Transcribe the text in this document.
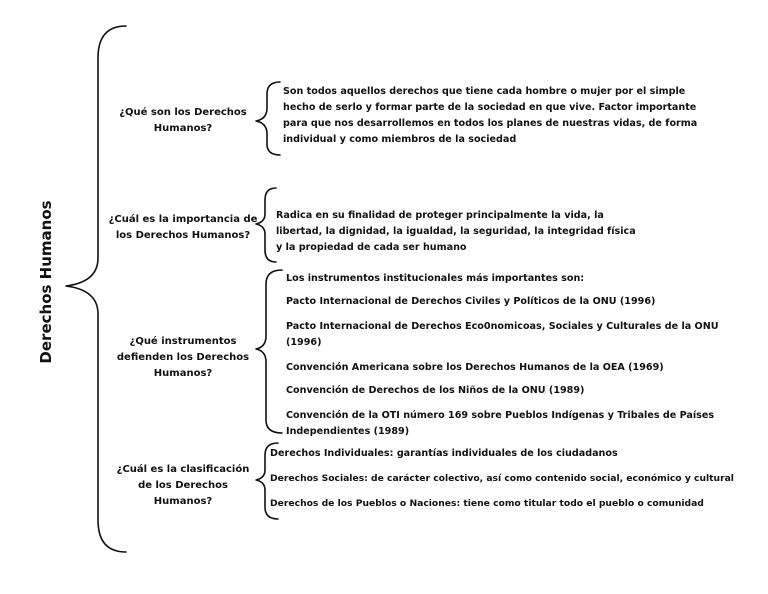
Derechos Humanos
¿Qué son los Derechos Humanos?
Son todos aquellos derechos que tiene cada hombre o mujer por el simple
hecho de serlo y formar parte de la sociedad en que vive. Factor importante
para que nos desarrollemos en todos los planes de nuestras vidas, de forma
individual y como miembros de la sociedad
¿Cuál es la importancia de los Derechos Humanos?
Radica en su finalidad de proteger principalmente la vida, la
libertad, la dignidad, la igualdad, la seguridad, la integridad física
y la propiedad de cada ser humano
¿Qué instrumentos defienden los Derechos Humanos?
Los instrumentos institucionales más importantes son:
Pacto Internacional de Derechos Civiles y Políticos de la ONU (1996)
Pacto Internacional de Derechos Eco0nomicoas, Sociales y Culturales de la ONU (1996)
Convención Americana sobre los Derechos Humanos de la OEA (1969)
Convención de Derechos de los Niños de la ONU (1989)
Convención de la OTI número 169 sobre Pueblos Indígenas y Tribales de Países Independientes (1989)
¿Cuál es la clasificación de los Derechos Humanos?
Derechos Individuales: garantías individuales de los ciudadanos
Derechos Sociales: de carácter colectivo, así como contenido social, económico y cultural
Derechos de los Pueblos o Naciones: tiene como titular todo el pueblo o comunidad
